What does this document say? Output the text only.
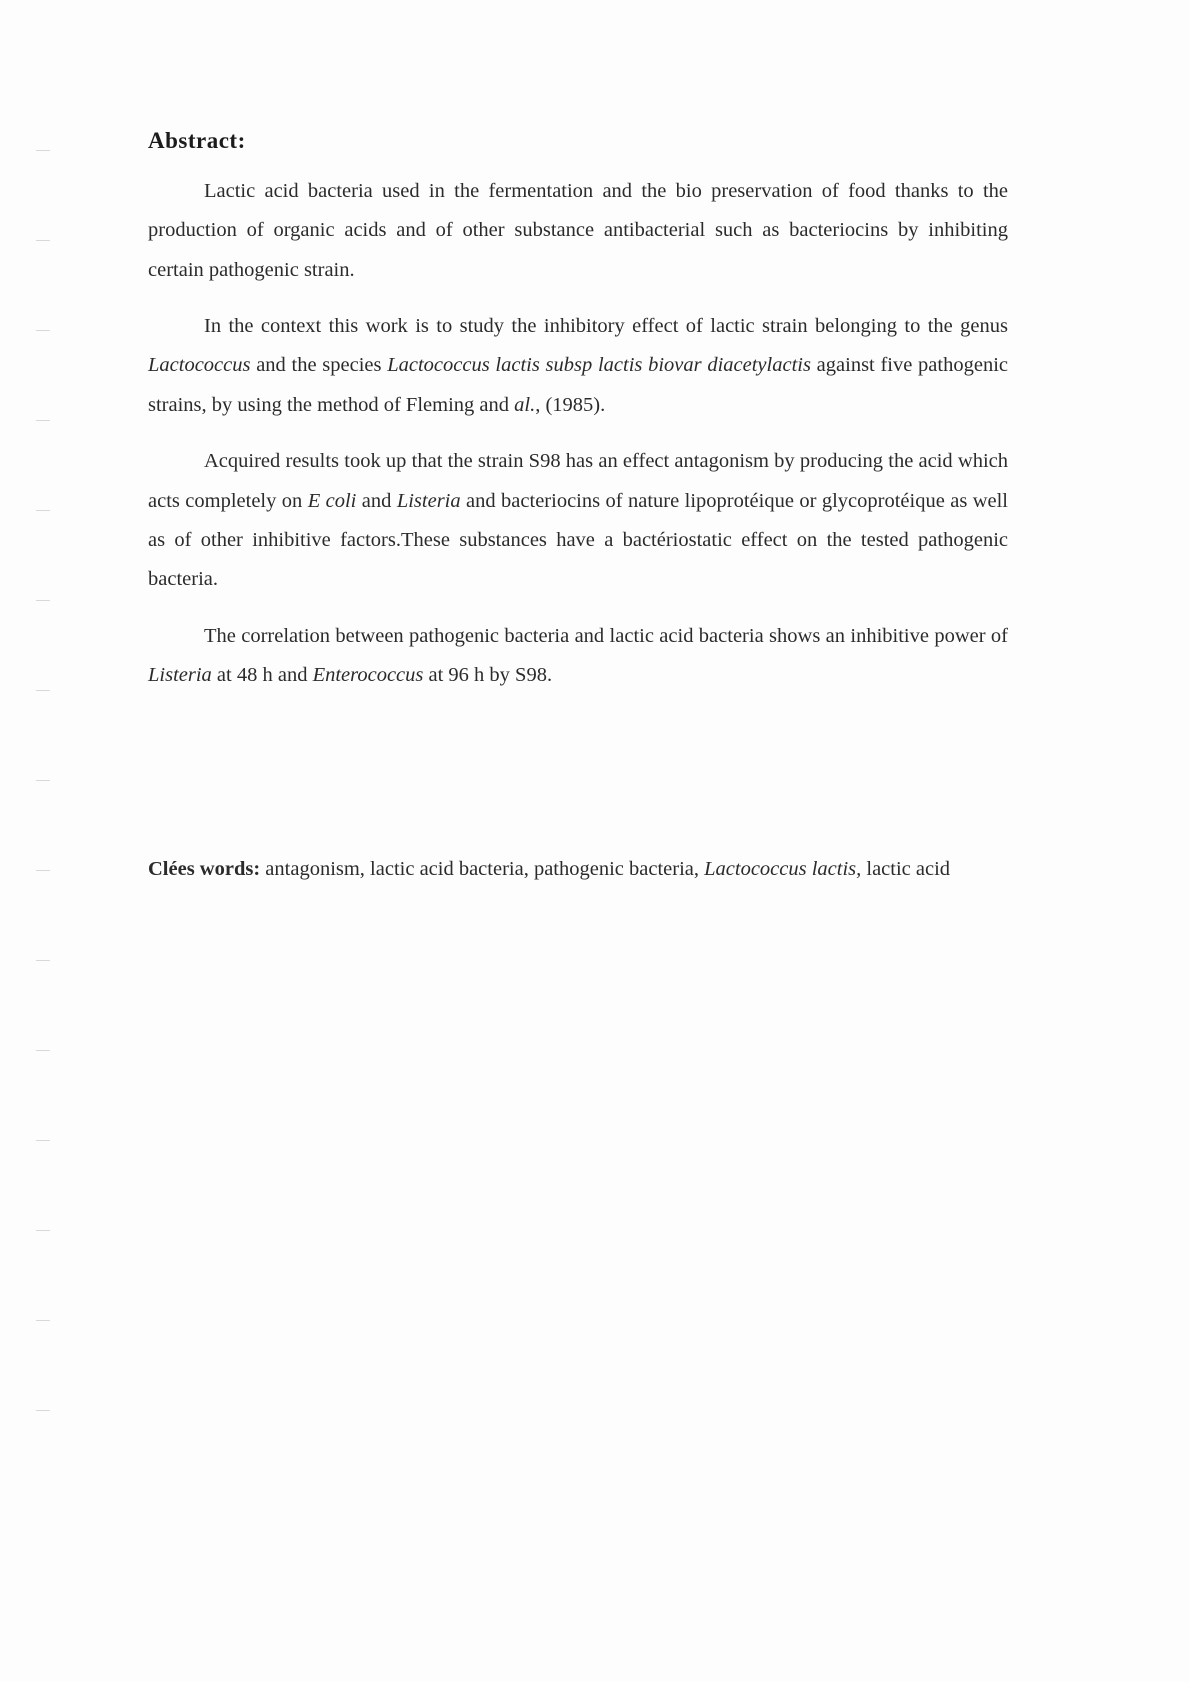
Abstract:

Lactic acid bacteria used in the fermentation and the bio preservation of food thanks to the production of organic acids and of other substance antibacterial such as bacteriocins by inhibiting certain pathogenic strain.

In the context this work is to study the inhibitory effect of lactic strain belonging to the genus Lactococcus and the species Lactococcus lactis subsp lactis biovar diacetylactis against five pathogenic strains, by using the method of Fleming and al., (1985).

Acquired results took up that the strain S98 has an effect antagonism by producing the acid which acts completely on E coli and Listeria and bacteriocins of nature lipoprotéique or glycoprotéique as well as of other inhibitive factors.These substances have a bactériostatic effect on the tested pathogenic bacteria.

The correlation between pathogenic bacteria and lactic acid bacteria shows an inhibitive power of Listeria at 48 h and Enterococcus at 96 h by S98.

Clées words: antagonism, lactic acid bacteria, pathogenic bacteria, Lactococcus lactis, lactic acid
